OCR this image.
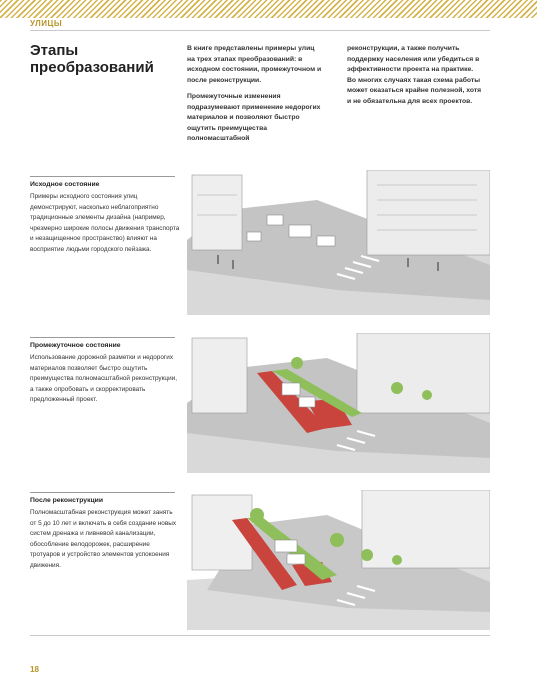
УЛИЦЫ
Этапы
преобразований

В книге представлены примеры улиц на трех этапах преобразований: в исходном состоянии, промежуточном и после реконструкции.

Промежуточные изменения подразумевают применение недорогих материалов и позволяют быстро ощутить преимущества полномасштабной

реконструкции, а также получить поддержку населения или убедиться в эффективности проекта на практике. Во многих случаях такая схема работы может оказаться крайне полезной, хотя и не обязательна для всех проектов.

Исходное состояние
Примеры исходного состояния улиц демонстрируют, насколько неблагоприятно традиционные элементы дизайна (например, чрезмерно широкие полосы движения транспорта и незащищенное пространство) влияют на восприятие людьми городского пейзажа.
Промежуточное состояние
Использование дорожной разметки и недорогих материалов позволяет быстро ощутить преимущества полномасштабной реконструкции, а также опробовать и скорректировать предложенный проект.
После реконструкции
Полномасштабная реконструкция может занять от 5 до 10 лет и включать в себя создание новых систем дренажа и ливневой канализации, обособление велодорожек, расширение тротуаров и устройство элементов успокоения движения.
18
